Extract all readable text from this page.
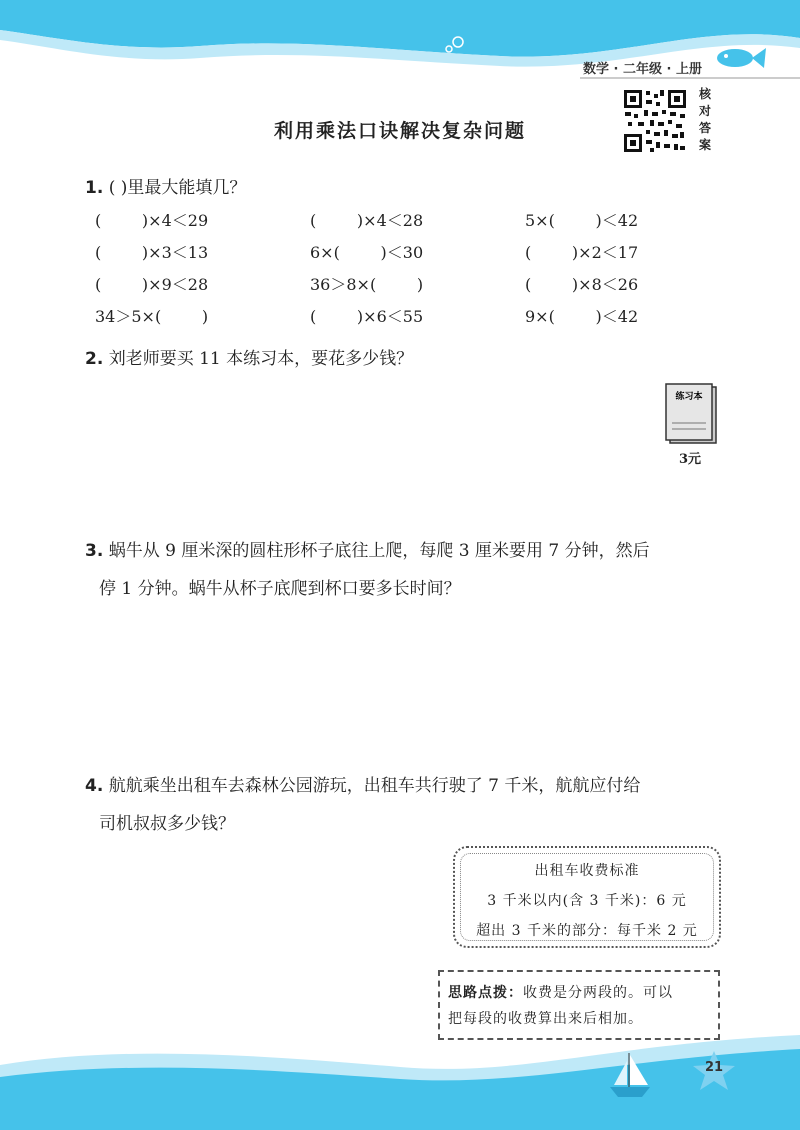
数学 · 二年级 · 上册
核
对
答
案
利用乘法口诀解决复杂问题
1. ( )里最大能填几？
(        )×4＜29	(        )×4＜28	5×(        )＜42
(        )×3＜13	6×(        )＜30	(        )×2＜17
(        )×9＜28	36＞8×(        )	(        )×8＜26
34＞5×(        )	(        )×6＜55	9×(        )＜42
2. 刘老师要买 11 本练习本，要花多少钱？
练习本
3元
3. 蜗牛从 9 厘米深的圆柱形杯子底往上爬，每爬 3 厘米要用 7 分钟，然后
停 1 分钟。蜗牛从杯子底爬到杯口要多长时间？
4. 航航乘坐出租车去森林公园游玩，出租车共行驶了 7 千米，航航应付给
司机叔叔多少钱？
出租车收费标准
3 千米以内(含 3 千米)：6 元
超出 3 千米的部分：每千米 2 元
思路点拨：收费是分两段的。可以
把每段的收费算出来后相加。
21
